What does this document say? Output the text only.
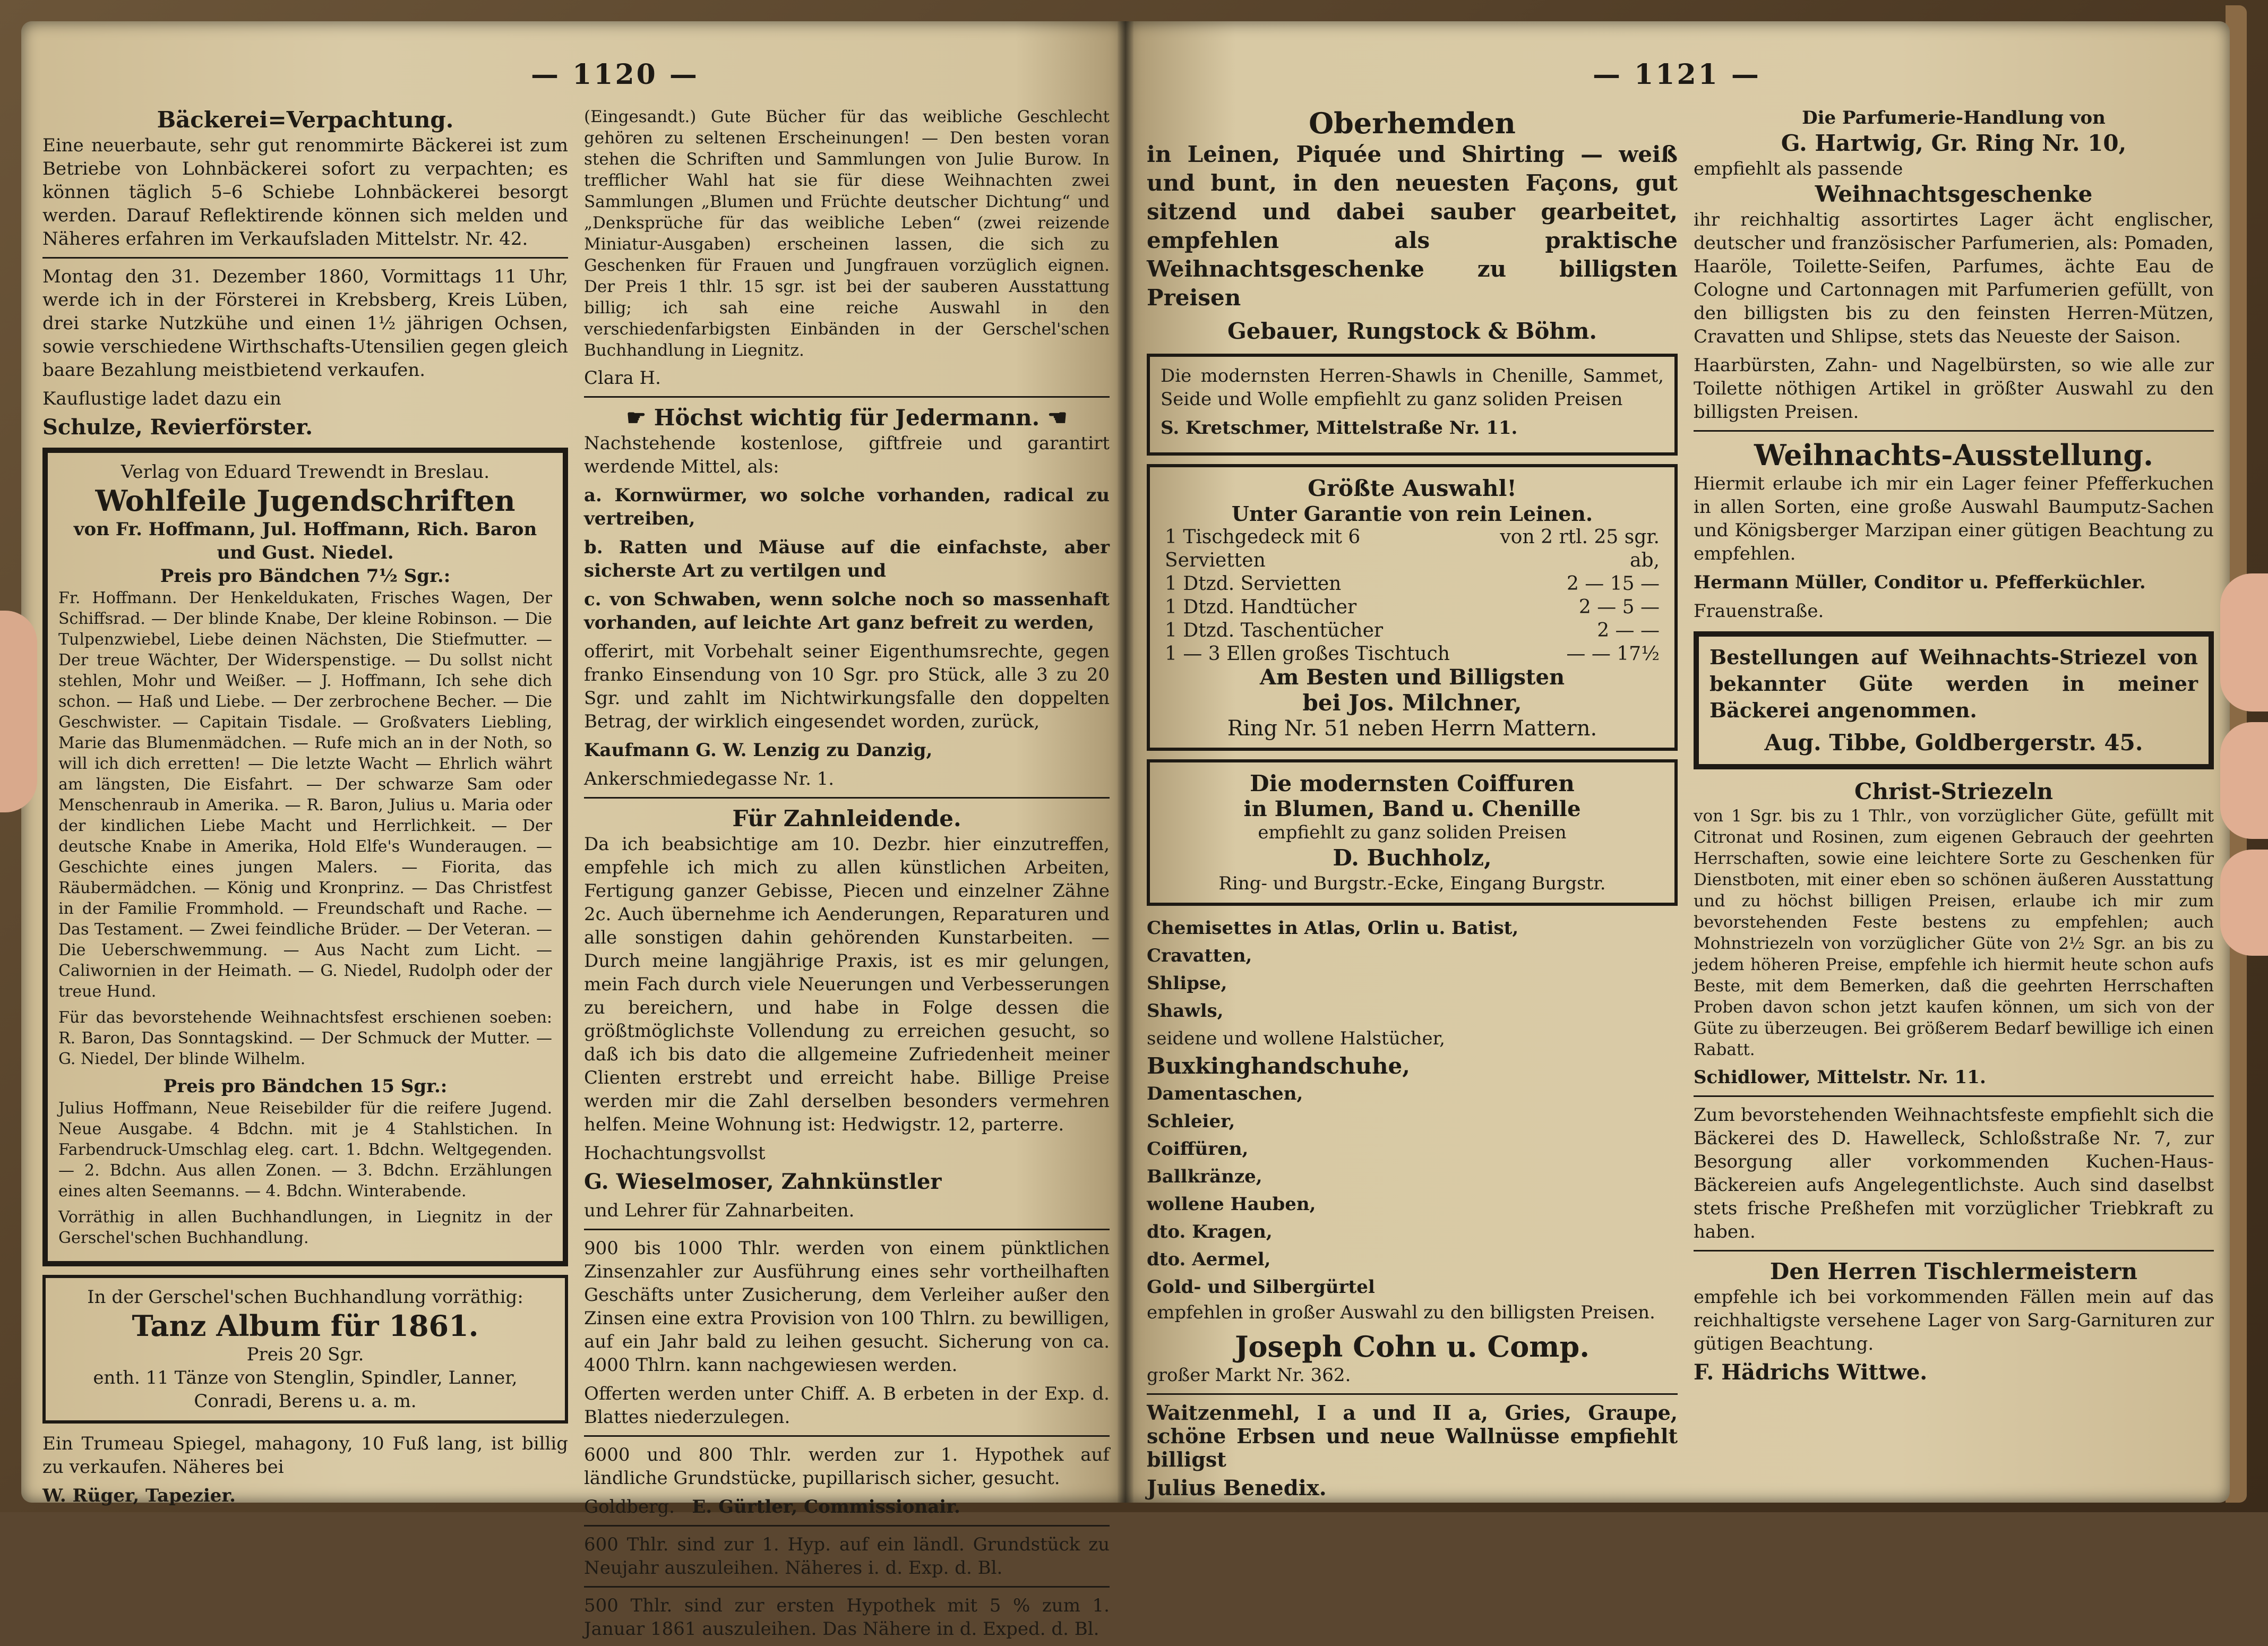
— 1120 —
Bäckerei=Verpachtung.

Eine neuerbaute, sehr gut renommirte Bäckerei ist zum Betriebe von Lohnbäckerei sofort zu verpachten; es können täglich 5–6 Schiebe Lohnbäckerei besorgt werden. Darauf Reflektirende können sich melden und Näheres erfahren im Verkaufsladen Mittelstr. Nr. 42.

Montag den 31. Dezember 1860, Vormittags 11 Uhr, werde ich in der Försterei in Krebsberg, Kreis Lüben, drei starke Nutzkühe und einen 1½ jährigen Ochsen, sowie verschiedene Wirthschafts-Utensilien gegen gleich baare Bezahlung meistbietend verkaufen.

Kauflustige ladet dazu ein

Schulze, Revierförster.

Verlag von Eduard Trewendt in Breslau.
Wohlfeile Jugendschriften
von Fr. Hoffmann, Jul. Hoffmann, Rich. Baron und Gust. Niedel.
Preis pro Bändchen 7½ Sgr.:

Fr. Hoffmann. Der Henkeldukaten, Frisches Wagen, Der Schiffsrad. — Der blinde Knabe, Der kleine Robinson. — Die Tulpenzwiebel, Liebe deinen Nächsten, Die Stiefmutter. — Der treue Wächter, Der Widerspenstige. — Du sollst nicht stehlen, Mohr und Weißer. — J. Hoffmann, Ich sehe dich schon. — Haß und Liebe. — Der zerbrochene Becher. — Die Geschwister. — Capitain Tisdale. — Großvaters Liebling, Marie das Blumenmädchen. — Rufe mich an in der Noth, so will ich dich erretten! — Die letzte Wacht — Ehrlich währt am längsten, Die Eisfahrt. — Der schwarze Sam oder Menschenraub in Amerika. — R. Baron, Julius u. Maria oder der kindlichen Liebe Macht und Herrlichkeit. — Der deutsche Knabe in Amerika, Hold Elfe's Wunderaugen. — Geschichte eines jungen Malers. — Fiorita, das Räubermädchen. — König und Kronprinz. — Das Christfest in der Familie Frommhold. — Freundschaft und Rache. — Das Testament. — Zwei feindliche Brüder. — Der Veteran. — Die Ueberschwemmung. — Aus Nacht zum Licht. — Caliwornien in der Heimath. — G. Niedel, Rudolph oder der treue Hund.

Für das bevorstehende Weihnachtsfest erschienen soeben: R. Baron, Das Sonntagskind. — Der Schmuck der Mutter. — G. Niedel, Der blinde Wilhelm.

Preis pro Bändchen 15 Sgr.:

Julius Hoffmann, Neue Reisebilder für die reifere Jugend. Neue Ausgabe. 4 Bdchn. mit je 4 Stahlstichen. In Farbendruck-Umschlag eleg. cart. 1. Bdchn. Weltgegenden. — 2. Bdchn. Aus allen Zonen. — 3. Bdchn. Erzählungen eines alten Seemanns. — 4. Bdchn. Winterabende.

Vorräthig in allen Buchhandlungen, in Liegnitz in der Gerschel'schen Buchhandlung.

In der Gerschel'schen Buchhandlung vorräthig:
Tanz Album für 1861.
Preis 20 Sgr.
enth. 11 Tänze von Stenglin, Spindler, Lanner, Conradi, Berens u. a. m.

Ein Trumeau Spiegel, mahagony, 10 Fuß lang, ist billig zu verkaufen. Näheres bei

W. Rüger, Tapezier.

(Eingesandt.) Gute Bücher für das weibliche Geschlecht gehören zu seltenen Erscheinungen! — Den besten voran stehen die Schriften und Sammlungen von Julie Burow. In trefflicher Wahl hat sie für diese Weihnachten zwei Sammlungen „Blumen und Früchte deutscher Dichtung“ und „Denksprüche für das weibliche Leben“ (zwei reizende Miniatur-Ausgaben) erscheinen lassen, die sich zu Geschenken für Frauen und Jungfrauen vorzüglich eignen. Der Preis 1 thlr. 15 sgr. ist bei der sauberen Ausstattung billig; ich sah eine reiche Auswahl in den verschiedenfarbigsten Einbänden in der Gerschel'schen Buchhandlung in Liegnitz.

Clara H.

☛ Höchst wichtig für Jedermann. ☚

Nachstehende kostenlose, giftfreie und garantirt werdende Mittel, als:

a. Kornwürmer, wo solche vorhanden, radical zu vertreiben,

b. Ratten und Mäuse auf die einfachste, aber sicherste Art zu vertilgen und

c. von Schwaben, wenn solche noch so massenhaft vorhanden, auf leichte Art ganz befreit zu werden,

offerirt, mit Vorbehalt seiner Eigenthumsrechte, gegen franko Einsendung von 10 Sgr. pro Stück, alle 3 zu 20 Sgr. und zahlt im Nichtwirkungsfalle den doppelten Betrag, der wirklich eingesendet worden, zurück,

Kaufmann G. W. Lenzig zu Danzig,

Ankerschmiedegasse Nr. 1.

Für Zahnleidende.

Da ich beabsichtige am 10. Dezbr. hier einzutreffen, empfehle ich mich zu allen künstlichen Arbeiten, Fertigung ganzer Gebisse, Piecen und einzelner Zähne 2c. Auch übernehme ich Aenderungen, Reparaturen und alle sonstigen dahin gehörenden Kunstarbeiten. — Durch meine langjährige Praxis, ist es mir gelungen, mein Fach durch viele Neuerungen und Verbesserungen zu bereichern, und habe in Folge dessen die größtmöglichste Vollendung zu erreichen gesucht, so daß ich bis dato die allgemeine Zufriedenheit meiner Clienten erstrebt und erreicht habe. Billige Preise werden mir die Zahl derselben besonders vermehren helfen. Meine Wohnung ist: Hedwigstr. 12, parterre.

Hochachtungsvollst

G. Wieselmoser, Zahnkünstler

und Lehrer für Zahnarbeiten.

900 bis 1000 Thlr. werden von einem pünktlichen Zinsenzahler zur Ausführung eines sehr vortheilhaften Geschäfts unter Zusicherung, dem Verleiher außer den Zinsen eine extra Provision von 100 Thlrn. zu bewilligen, auf ein Jahr bald zu leihen gesucht. Sicherung von ca. 4000 Thlrn. kann nachgewiesen werden.

Offerten werden unter Chiff. A. B erbeten in der Exp. d. Blattes niederzulegen.

6000 und 800 Thlr. werden zur 1. Hypothek auf ländliche Grundstücke, pupillarisch sicher, gesucht.

Goldberg. E. Gürtler, Commissionair.

600 Thlr. sind zur 1. Hyp. auf ein ländl. Grundstück zu Neujahr auszuleihen. Näheres i. d. Exp. d. Bl.

500 Thlr. sind zur ersten Hypothek mit 5 % zum 1. Januar 1861 auszuleihen. Das Nähere in d. Exped. d. Bl.

— 1121 —
Oberhemden

in Leinen, Piquée und Shirting — weiß und bunt, in den neuesten Façons, gut sitzend und dabei sauber gearbeitet, empfehlen als praktische Weihnachtsgeschenke zu billigsten Preisen

Gebauer, Rungstock & Böhm.

Die modernsten Herren-Shawls in Chenille, Sammet, Seide und Wolle empfiehlt zu ganz soliden Preisen

S. Kretschmer, Mittelstraße Nr. 11.

Größte Auswahl!
Unter Garantie von rein Leinen.
1 Tischgedeck mit 6 Servietten	von 2 rtl. 25 sgr. ab,
1 Dtzd. Servietten	2 — 15 —
1 Dtzd. Handtücher	2 — 5 —
1 Dtzd. Taschentücher	2 — —
1 — 3 Ellen großes Tischtuch	— — 17½
Am Besten und Billigsten
bei Jos. Milchner,
Ring Nr. 51 neben Herrn Mattern.
Die modernsten Coiffuren
in Blumen, Band u. Chenille
empfiehlt zu ganz soliden Preisen
D. Buchholz,
Ring- und Burgstr.-Ecke, Eingang Burgstr.
Chemisettes in Atlas, Orlin u. Batist,
Cravatten,
Shlipse,
Shawls,
seidene und wollene Halstücher,
Buxkinghandschuhe,
Damentaschen,
Schleier,
Coiffüren,
Ballkränze,
wollene Hauben,
dto. Kragen,
dto. Aermel,
Gold- und Silbergürtel

empfehlen in großer Auswahl zu den billigsten Preisen.

Joseph Cohn u. Comp.

großer Markt Nr. 362.

Waitzenmehl, I a und II a, Gries, Graupe, schöne Erbsen und neue Wallnüsse empfiehlt billigst

Julius Benedix.

Die Parfumerie-Handlung von
G. Hartwig, Gr. Ring Nr. 10,
empfiehlt als passende
Weihnachtsgeschenke

ihr reichhaltig assortirtes Lager ächt englischer, deutscher und französischer Parfumerien, als: Pomaden, Haaröle, Toilette-Seifen, Parfumes, ächte Eau de Cologne und Cartonnagen mit Parfumerien gefüllt, von den billigsten bis zu den feinsten Herren-Mützen, Cravatten und Shlipse, stets das Neueste der Saison.

Haarbürsten, Zahn- und Nagelbürsten, so wie alle zur Toilette nöthigen Artikel in größter Auswahl zu den billigsten Preisen.

Weihnachts-Ausstellung.

Hiermit erlaube ich mir ein Lager feiner Pfefferkuchen in allen Sorten, eine große Auswahl Baumputz-Sachen und Königsberger Marzipan einer gütigen Beachtung zu empfehlen.

Hermann Müller, Conditor u. Pfefferküchler.

Frauenstraße.

Bestellungen auf Weihnachts-Striezel von bekannter Güte werden in meiner Bäckerei angenommen.

Aug. Tibbe, Goldbergerstr. 45.
Christ-Striezeln

von 1 Sgr. bis zu 1 Thlr., von vorzüglicher Güte, gefüllt mit Citronat und Rosinen, zum eigenen Gebrauch der geehrten Herrschaften, sowie eine leichtere Sorte zu Geschenken für Dienstboten, mit einer eben so schönen äußeren Ausstattung und zu höchst billigen Preisen, erlaube ich mir zum bevorstehenden Feste bestens zu empfehlen; auch Mohnstriezeln von vorzüglicher Güte von 2½ Sgr. an bis zu jedem höheren Preise, empfehle ich hiermit heute schon aufs Beste, mit dem Bemerken, daß die geehrten Herrschaften Proben davon schon jetzt kaufen können, um sich von der Güte zu überzeugen. Bei größerem Bedarf bewillige ich einen Rabatt.

Schidlower, Mittelstr. Nr. 11.

Zum bevorstehenden Weihnachtsfeste empfiehlt sich die Bäckerei des D. Hawelleck, Schloßstraße Nr. 7, zur Besorgung aller vorkommenden Kuchen-Haus-Bäckereien aufs Angelegentlichste. Auch sind daselbst stets frische Preßhefen mit vorzüglicher Triebkraft zu haben.

Den Herren Tischlermeistern

empfehle ich bei vorkommenden Fällen mein auf das reichhaltigste versehene Lager von Sarg-Garnituren zur gütigen Beachtung.

F. Hädrichs Wittwe.
